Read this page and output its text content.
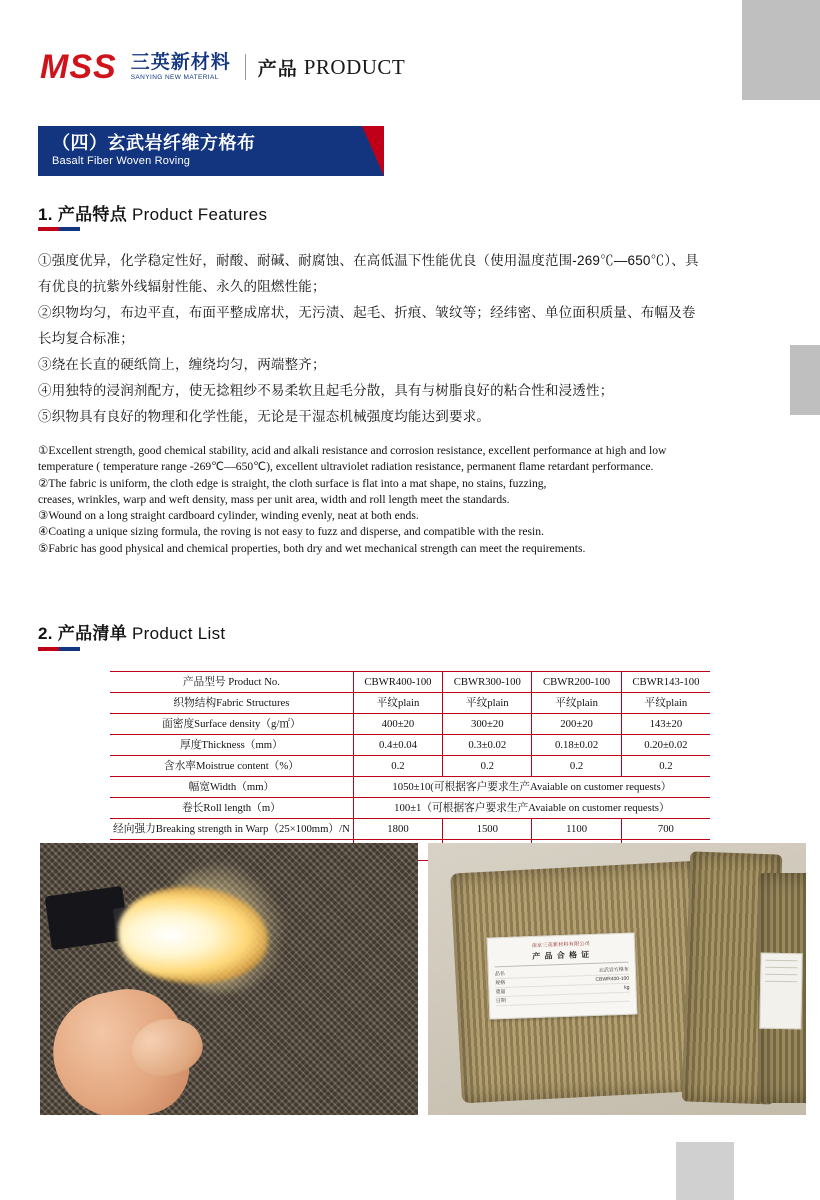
MSS 三英新材料
SANYING NEW MATERIAL	产品 PRODUCT
（四）玄武岩纤维方格布
Basalt Fiber Woven Roving
1. 产品特点 Product Features

①强度优异，化学稳定性好，耐酸、耐碱、耐腐蚀、在高低温下性能优良（使用温度范围-269℃—650℃）、具有优良的抗紫外线辐射性能、永久的阻燃性能；

②织物均匀，布边平直，布面平整成席状，无污渍、起毛、折痕、皱纹等；经纬密、单位面积质量、布幅及卷长均复合标准；

③绕在长直的硬纸筒上，缠绕均匀，两端整齐；

④用独特的浸润剂配方，使无捻粗纱不易柔软且起毛分散，具有与树脂良好的粘合性和浸透性；

⑤织物具有良好的物理和化学性能，无论是干湿态机械强度均能达到要求。

①Excellent strength, good chemical stability, acid and alkali resistance and corrosion resistance, excellent performance at high and low temperature ( temperature range -269℃—650℃), excellent ultraviolet radiation resistance, permanent flame retardant performance.

②The fabric is uniform, the cloth edge is straight, the cloth surface is flat into a mat shape, no stains, fuzzing,

creases, wrinkles, warp and weft density, mass per unit area, width and roll length meet the standards.

③Wound on a long straight cardboard cylinder, winding evenly, neat at both ends.

④Coating a unique sizing formula, the roving is not easy to fuzz and disperse, and compatible with the resin.

⑤Fabric has good physical and chemical properties, both dry and wet mechanical strength can meet the requirements.

2. 产品清单 Product List
产品型号 Product No.	CBWR400-100	CBWR300-100	CBWR200-100	CBWR143-100
织物结构Fabric Structures	平纹plain	平纹plain	平纹plain	平纹plain
面密度Surface density（g/㎡）	400±20	300±20	200±20	143±20
厚度Thickness（mm）	0.4±0.04	0.3±0.02	0.18±0.02	0.20±0.02
含水率Moistrue content（%）	0.2	0.2	0.2	0.2
幅宽Width（mm）	1050±10(可根据客户要求生产Avaiable on customer requests）			
卷长Roll length（m）	100±1（可根据客户要求生产Avaiable on customer requests）			
经向强力Breaking strength in Warp（25×100mm）/N	1800	1500	1100	700

南京三英新材料有限公司
产 品 合 格 证
品名
玄武岩方格布
规格
CBWR400-100
重量
kg
日期
